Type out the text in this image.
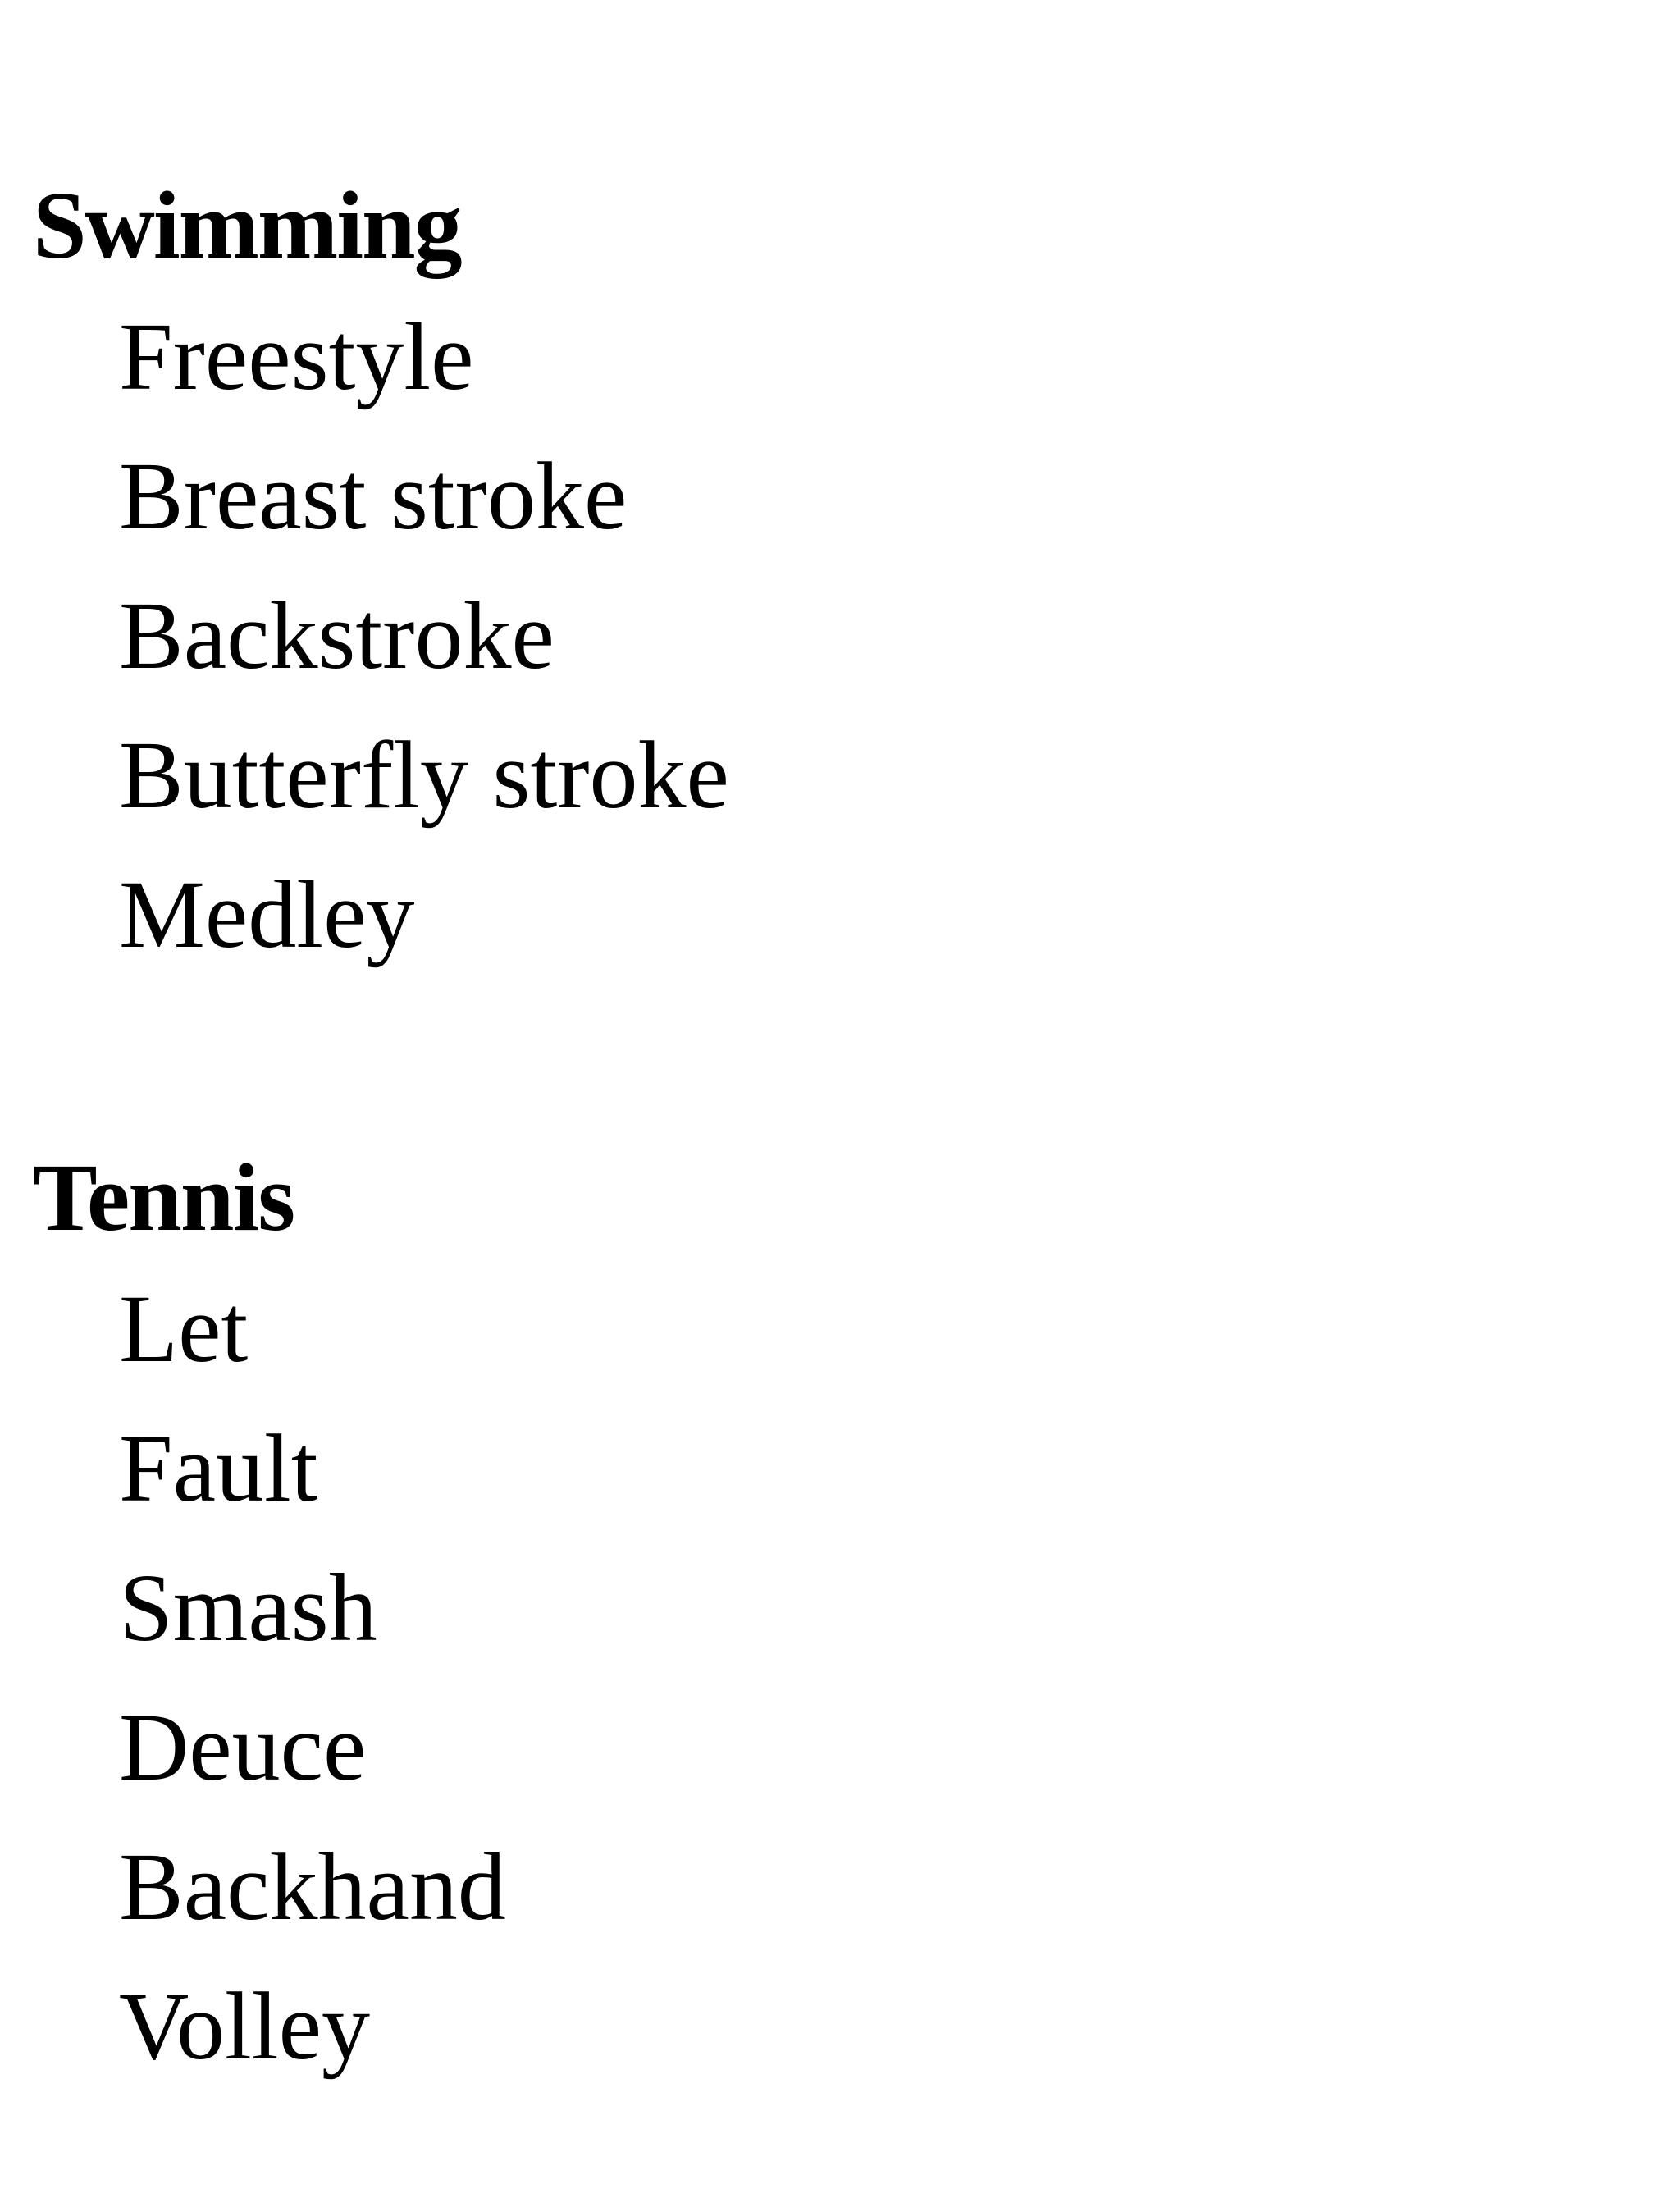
Swimming
Freestyle
Breast stroke
Backstroke
Butterfly stroke
Medley
Tennis
Let
Fault
Smash
Deuce
Backhand
Volley
